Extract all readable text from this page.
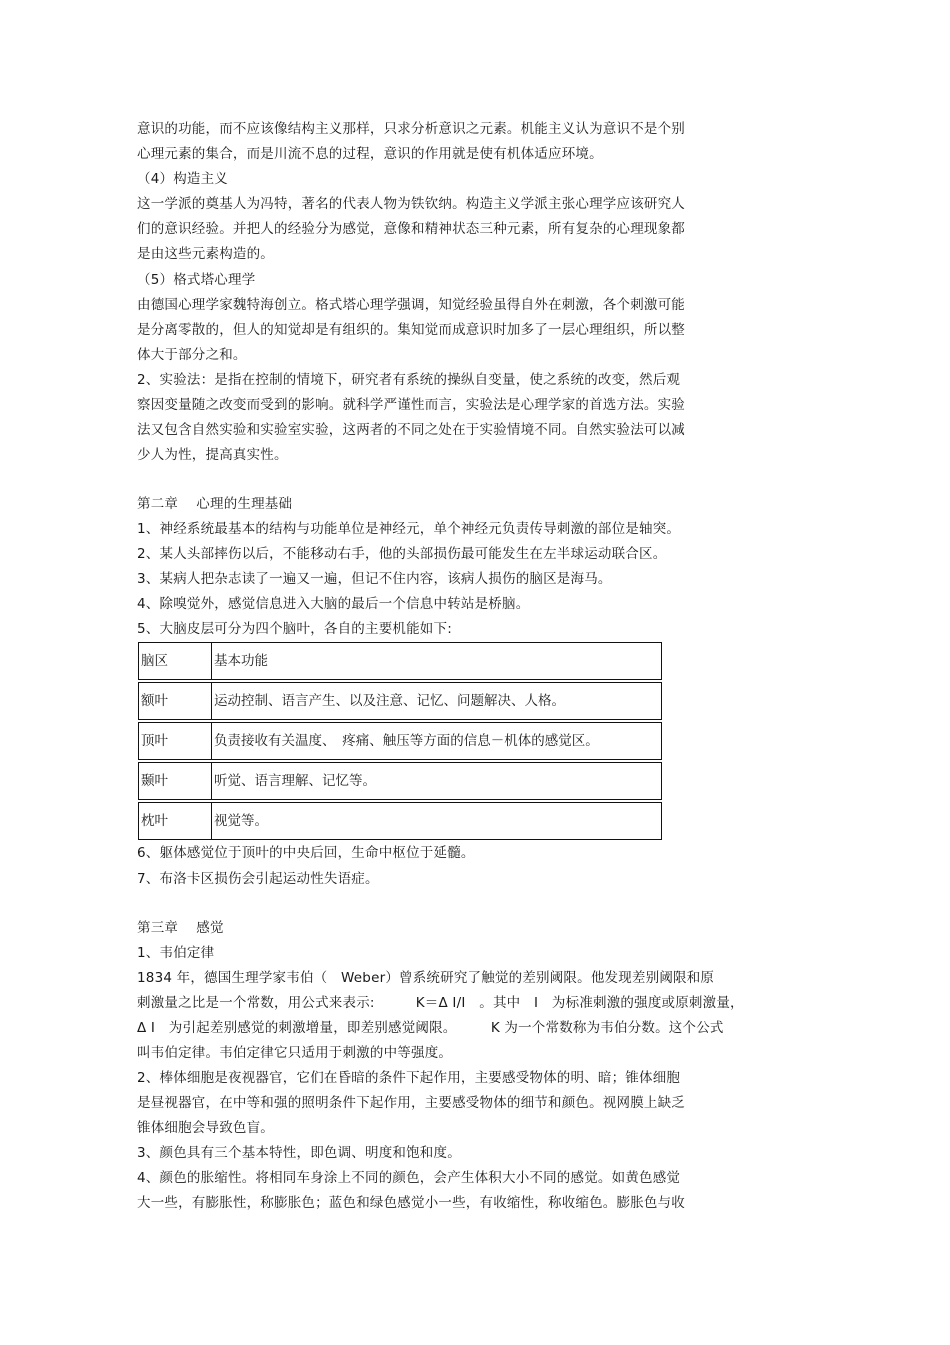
意识的功能，而不应该像结构主义那样，只求分析意识之元素。机能主义认为意识不是个别
心理元素的集合，而是川流不息的过程，意识的作用就是使有机体适应环境。
（4）构造主义
这一学派的奠基人为冯特，著名的代表人物为铁钦纳。构造主义学派主张心理学应该研究人
们的意识经验。并把人的经验分为感觉，意像和精神状态三种元素，所有复杂的心理现象都
是由这些元素构造的。
（5）格式塔心理学
由德国心理学家魏特海创立。格式塔心理学强调，知觉经验虽得自外在刺激，各个刺激可能
是分离零散的，但人的知觉却是有组织的。集知觉而成意识时加多了一层心理组织，所以整
体大于部分之和。
2、实验法：是指在控制的情境下，研究者有系统的操纵自变量，使之系统的改变，然后观
察因变量随之改变而受到的影响。就科学严谨性而言，实验法是心理学家的首选方法。实验
法又包含自然实验和实验室实验，这两者的不同之处在于实验情境不同。自然实验法可以减
少人为性，提高真实性。
第二章　 心理的生理基础
1、神经系统最基本的结构与功能单位是神经元，单个神经元负责传导刺激的部位是轴突。
2、某人头部摔伤以后，不能移动右手，他的头部损伤最可能发生在左半球运动联合区。
3、某病人把杂志读了一遍又一遍，但记不住内容，该病人损伤的脑区是海马。
4、除嗅觉外，感觉信息进入大脑的最后一个信息中转站是桥脑。
5、大脑皮层可分为四个脑叶，各自的主要机能如下:
脑区	基本功能
额叶	运动控制、语言产生、以及注意、记忆、问题解决、人格。
顶叶	负责接收有关温度、　疼痛、触压等方面的信息－机体的感觉区。
颞叶	听觉、语言理解、记忆等。
枕叶	视觉等。
6、躯体感觉位于顶叶的中央后回，生命中枢位于延髓。
7、布洛卡区损伤会引起运动性失语症。
第三章　 感觉
1、韦伯定律
1834 年，德国生理学家韦伯（　Weber）曾系统研究了触觉的差别阈限。他发现差别阈限和原
刺激量之比是一个常数，用公式来表示:　　　K＝Δ I/I　。其中　I　为标准刺激的强度或原刺激量，
Δ I　为引起差别感觉的刺激增量，即差别感觉阈限。　　　K 为一个常数称为韦伯分数。这个公式
叫韦伯定律。韦伯定律它只适用于刺激的中等强度。
2、棒体细胞是夜视器官，它们在昏暗的条件下起作用，主要感受物体的明、暗；锥体细胞
是昼视器官，在中等和强的照明条件下起作用，主要感受物体的细节和颜色。视网膜上缺乏
锥体细胞会导致色盲。
3、颜色具有三个基本特性，即色调、明度和饱和度。
4、颜色的胀缩性。将相同车身涂上不同的颜色，会产生体积大小不同的感觉。如黄色感觉
大一些，有膨胀性，称膨胀色；蓝色和绿色感觉小一些，有收缩性，称收缩色。膨胀色与收
